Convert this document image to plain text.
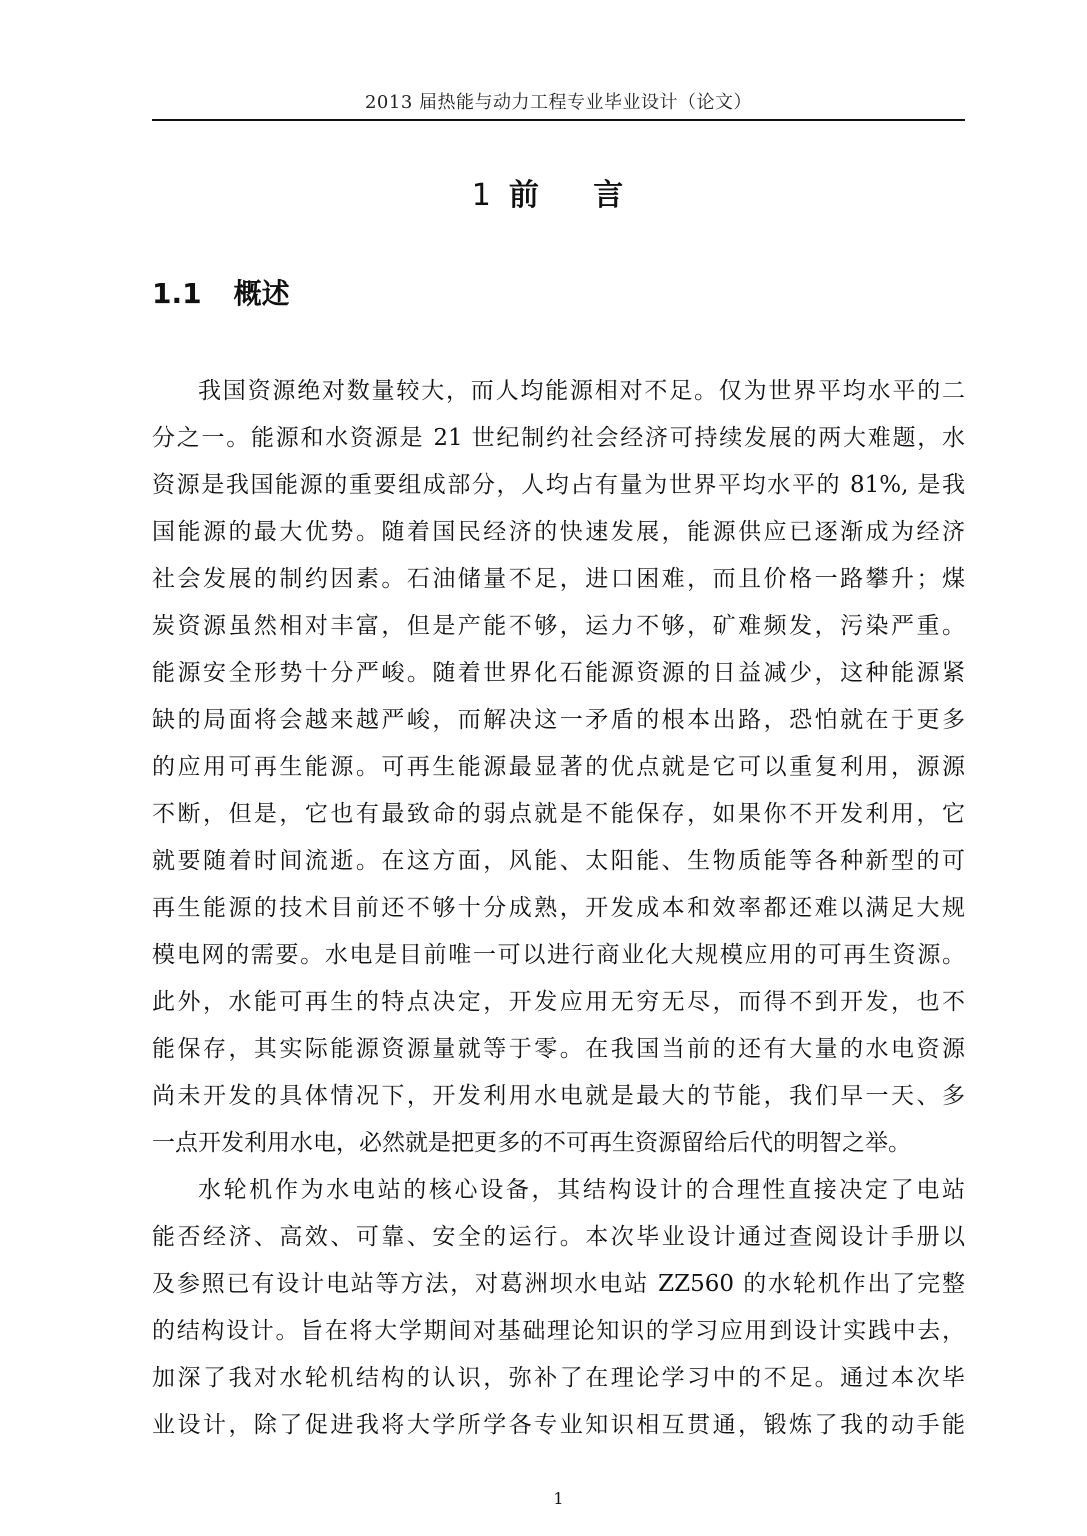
2013 届热能与动力工程专业毕业设计（论文）
1 前 言
1.1 概述
我国资源绝对数量较大，而人均能源相对不足。仅为世界平均水平的二
分之一。能源和水资源是 21 世纪制约社会经济可持续发展的两大难题，水
资源是我国能源的重要组成部分，人均占有量为世界平均水平的 81%, 是我
国能源的最大优势。随着国民经济的快速发展，能源供应已逐渐成为经济
社会发展的制约因素。石油储量不足，进口困难，而且价格一路攀升；煤
炭资源虽然相对丰富，但是产能不够，运力不够，矿难频发，污染严重。
能源安全形势十分严峻。随着世界化石能源资源的日益减少，这种能源紧
缺的局面将会越来越严峻，而解决这一矛盾的根本出路，恐怕就在于更多
的应用可再生能源。可再生能源最显著的优点就是它可以重复利用，源源
不断，但是，它也有最致命的弱点就是不能保存，如果你不开发利用，它
就要随着时间流逝。在这方面，风能、太阳能、生物质能等各种新型的可
再生能源的技术目前还不够十分成熟，开发成本和效率都还难以满足大规
模电网的需要。水电是目前唯一可以进行商业化大规模应用的可再生资源。
此外，水能可再生的特点决定，开发应用无穷无尽，而得不到开发，也不
能保存，其实际能源资源量就等于零。在我国当前的还有大量的水电资源
尚未开发的具体情况下，开发利用水电就是最大的节能，我们早一天、多
一点开发利用水电，必然就是把更多的不可再生资源留给后代的明智之举。
水轮机作为水电站的核心设备，其结构设计的合理性直接决定了电站
能否经济、高效、可靠、安全的运行。本次毕业设计通过查阅设计手册以
及参照已有设计电站等方法，对葛洲坝水电站 ZZ560 的水轮机作出了完整
的结构设计。旨在将大学期间对基础理论知识的学习应用到设计实践中去，
加深了我对水轮机结构的认识，弥补了在理论学习中的不足。通过本次毕
业设计，除了促进我将大学所学各专业知识相互贯通，锻炼了我的动手能
1
